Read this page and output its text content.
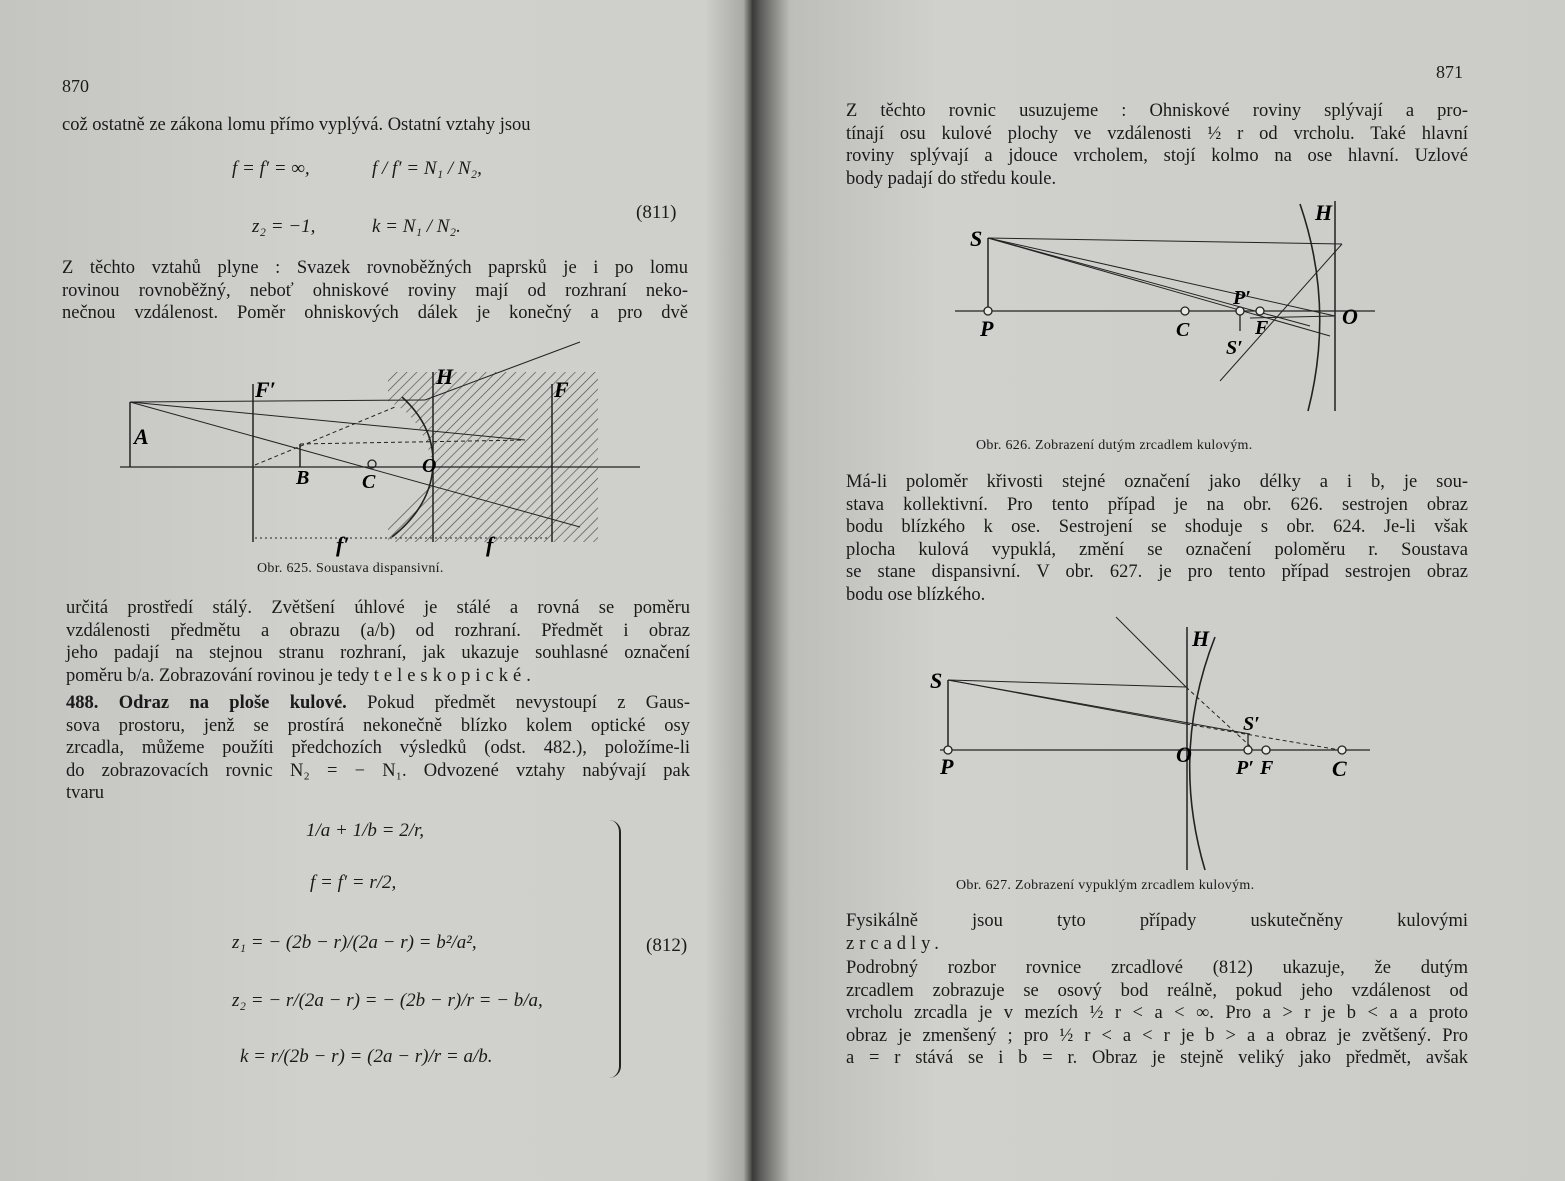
870
což ostatně ze zákona lomu přímo vyplývá. Ostatní vztahy jsou
f = f′ = ∞,	f / f′ = N₁ / N₂,
z₂ = −1,	k = N₁ / N₂.
(811)
Z těchto vztahů plyne : Svazek rovnoběžných paprsků je i po lomu
rovinou rovnoběžný, neboť ohniskové roviny mají od rozhraní neko-
nečnou vzdálenost. Poměr ohniskových dálek je konečný a pro dvě
F′
H
F
A
B	C
O
f′	f
Obr. 625. Soustava dispansivní.
určitá prostředí stálý. Zvětšení úhlové je stálé a rovná se poměru
vzdálenosti předmětu a obrazu (a/b) od rozhraní. Předmět i obraz
jeho padají na stejnou stranu rozhraní, jak ukazuje souhlasné označení
poměru b/a. Zobrazování rovinou je tedy teleskopické.
488. Odraz na ploše kulové. Pokud předmět nevystoupí z Gaus-
sova prostoru, jenž se prostírá nekonečně blízko kolem optické osy
zrcadla, můžeme použíti předchozích výsledků (odst. 482.), položíme-li
do zobrazovacích rovnic N₂ = − N₁. Odvozené vztahy nabývají pak
tvaru
1/a + 1/b = 2/r,
f = f′ = r/2,
z₁ = − (2b − r)/(2a − r) = b²/a²,
z₂ = − r/(2a − r) = − (2b − r)/r = − b/a,
k = r/(2b − r) = (2a − r)/r = a/b.
(812)
871
Z těchto rovnic usuzujeme : Ohniskové roviny splývají a pro-
tínají osu kulové plochy ve vzdálenosti ½ r od vrcholu. Také hlavní
roviny splývají a jdouce vrcholem, stojí kolmo na ose hlavní. Uzlové
body padají do středu koule.
H
S
P′
P	C	F	O
S′
Obr. 626. Zobrazení dutým zrcadlem kulovým.
Má-li poloměr křivosti stejné označení jako délky a i b, je sou-
stava kollektivní. Pro tento případ je na obr. 626. sestrojen obraz
bodu blízkého k ose. Sestrojení se shoduje s obr. 624. Je-li však
plocha kulová vypuklá, změní se označení poloměru r. Soustava
se stane dispansivní. V obr. 627. je pro tento případ sestrojen obraz
bodu ose blízkého.
H
S
S′
P	O
P′ F	C
Obr. 627. Zobrazení vypuklým zrcadlem kulovým.
Fysikálně jsou tyto případy uskutečněny kulovými
zrcadly.
Podrobný rozbor rovnice zrcadlové (812) ukazuje, že dutým
zrcadlem zobrazuje se osový bod reálně, pokud jeho vzdálenost od
vrcholu zrcadla je v mezích ½ r < a < ∞. Pro a > r je b < a a proto
obraz je zmenšený ; pro ½ r < a < r je b > a a obraz je zvětšený. Pro
a = r stává se i b = r. Obraz je stejně veliký jako předmět, avšak
